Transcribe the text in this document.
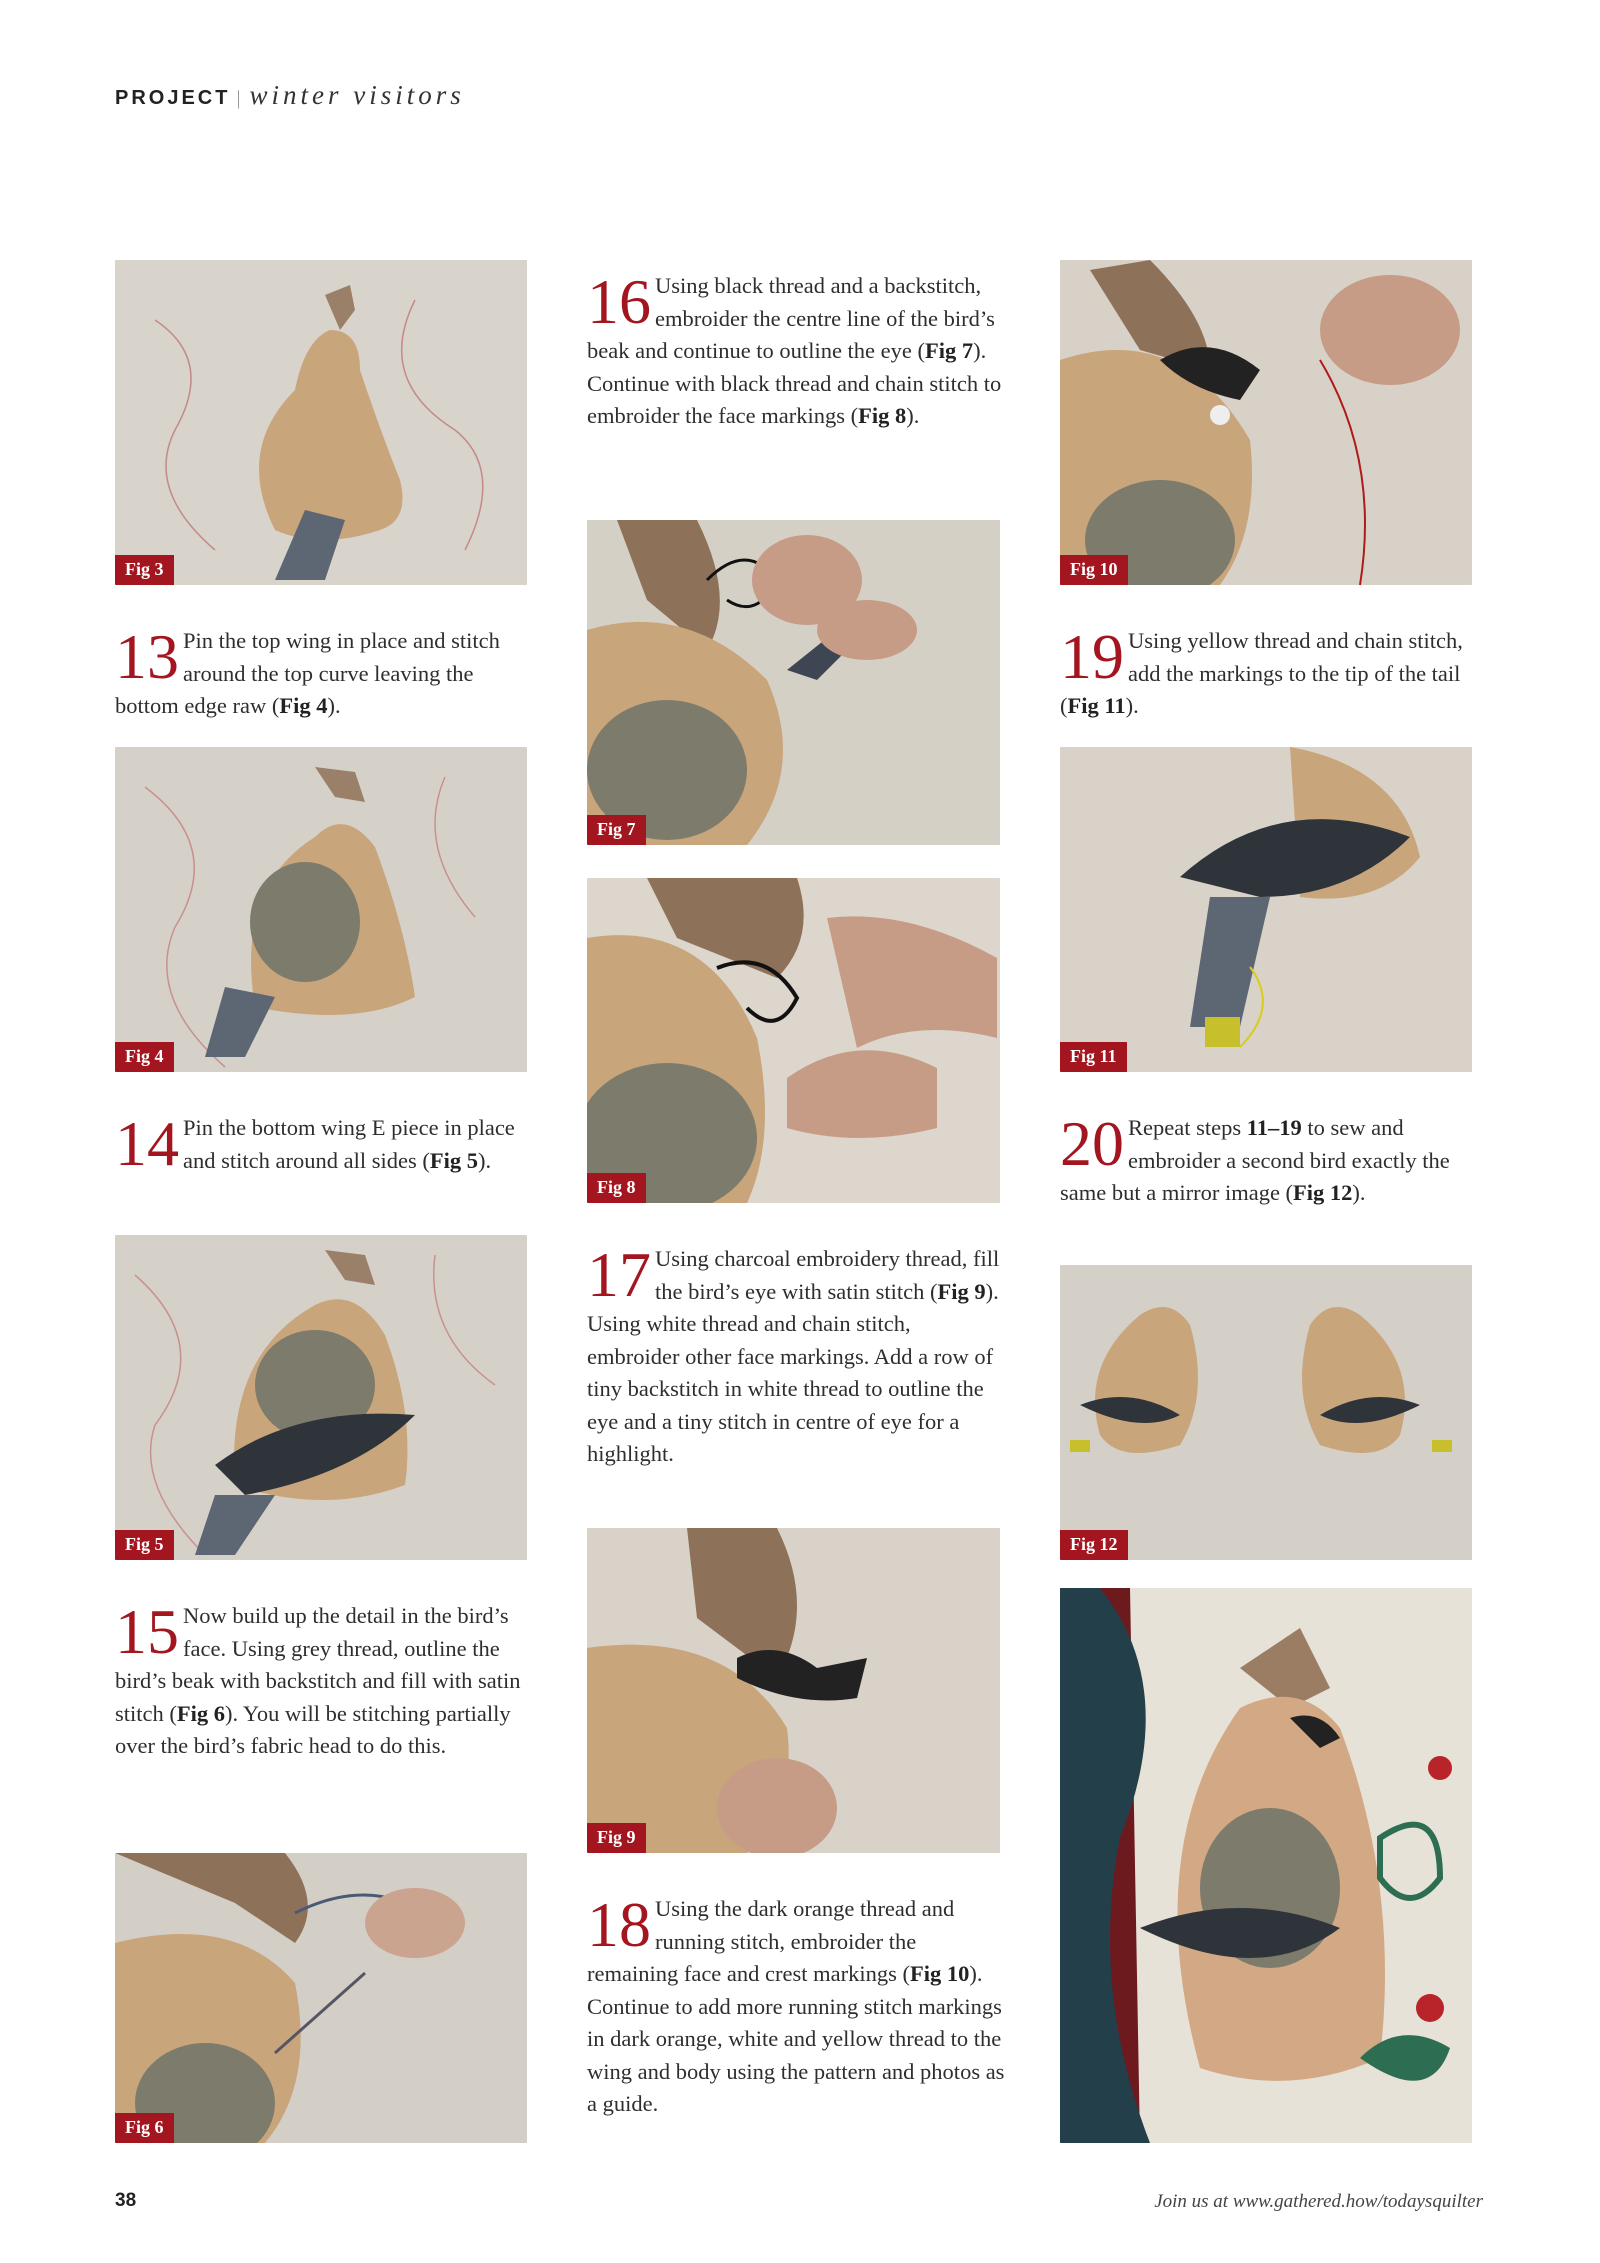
PROJECT | winter visitors
Fig 3
13 Pin the top wing in place and stitch around the top curve leaving the bottom edge raw (Fig 4).
Fig 4
14 Pin the bottom wing E piece in place and stitch around all sides (Fig 5).
Fig 5
15 Now build up the detail in the bird’s face. Using grey thread, outline the bird’s beak with backstitch and fill with satin stitch (Fig 6). You will be stitching partially over the bird’s fabric head to do this.
Fig 6
16 Using black thread and a backstitch, embroider the centre line of the bird’s beak and continue to outline the eye (Fig 7). Continue with black thread and chain stitch to embroider the face markings (Fig 8).
Fig 7
Fig 8
17 Using charcoal embroidery thread, fill the bird’s eye with satin stitch (Fig 9). Using white thread and chain stitch, embroider other face markings. Add a row of tiny backstitch in white thread to outline the eye and a tiny stitch in centre of eye for a highlight.
Fig 9
18 Using the dark orange thread and running stitch, embroider the remaining face and crest markings (Fig 10). Continue to add more running stitch markings in dark orange, white and yellow thread to the wing and body using the pattern and photos as a guide.
Fig 10
19 Using yellow thread and chain stitch, add the markings to the tip of the tail (Fig 11).
Fig 11
20 Repeat steps 11–19 to sew and embroider a second bird exactly the same but a mirror image (Fig 12).
Fig 12
38	Join us at www.gathered.how/todaysquilter
